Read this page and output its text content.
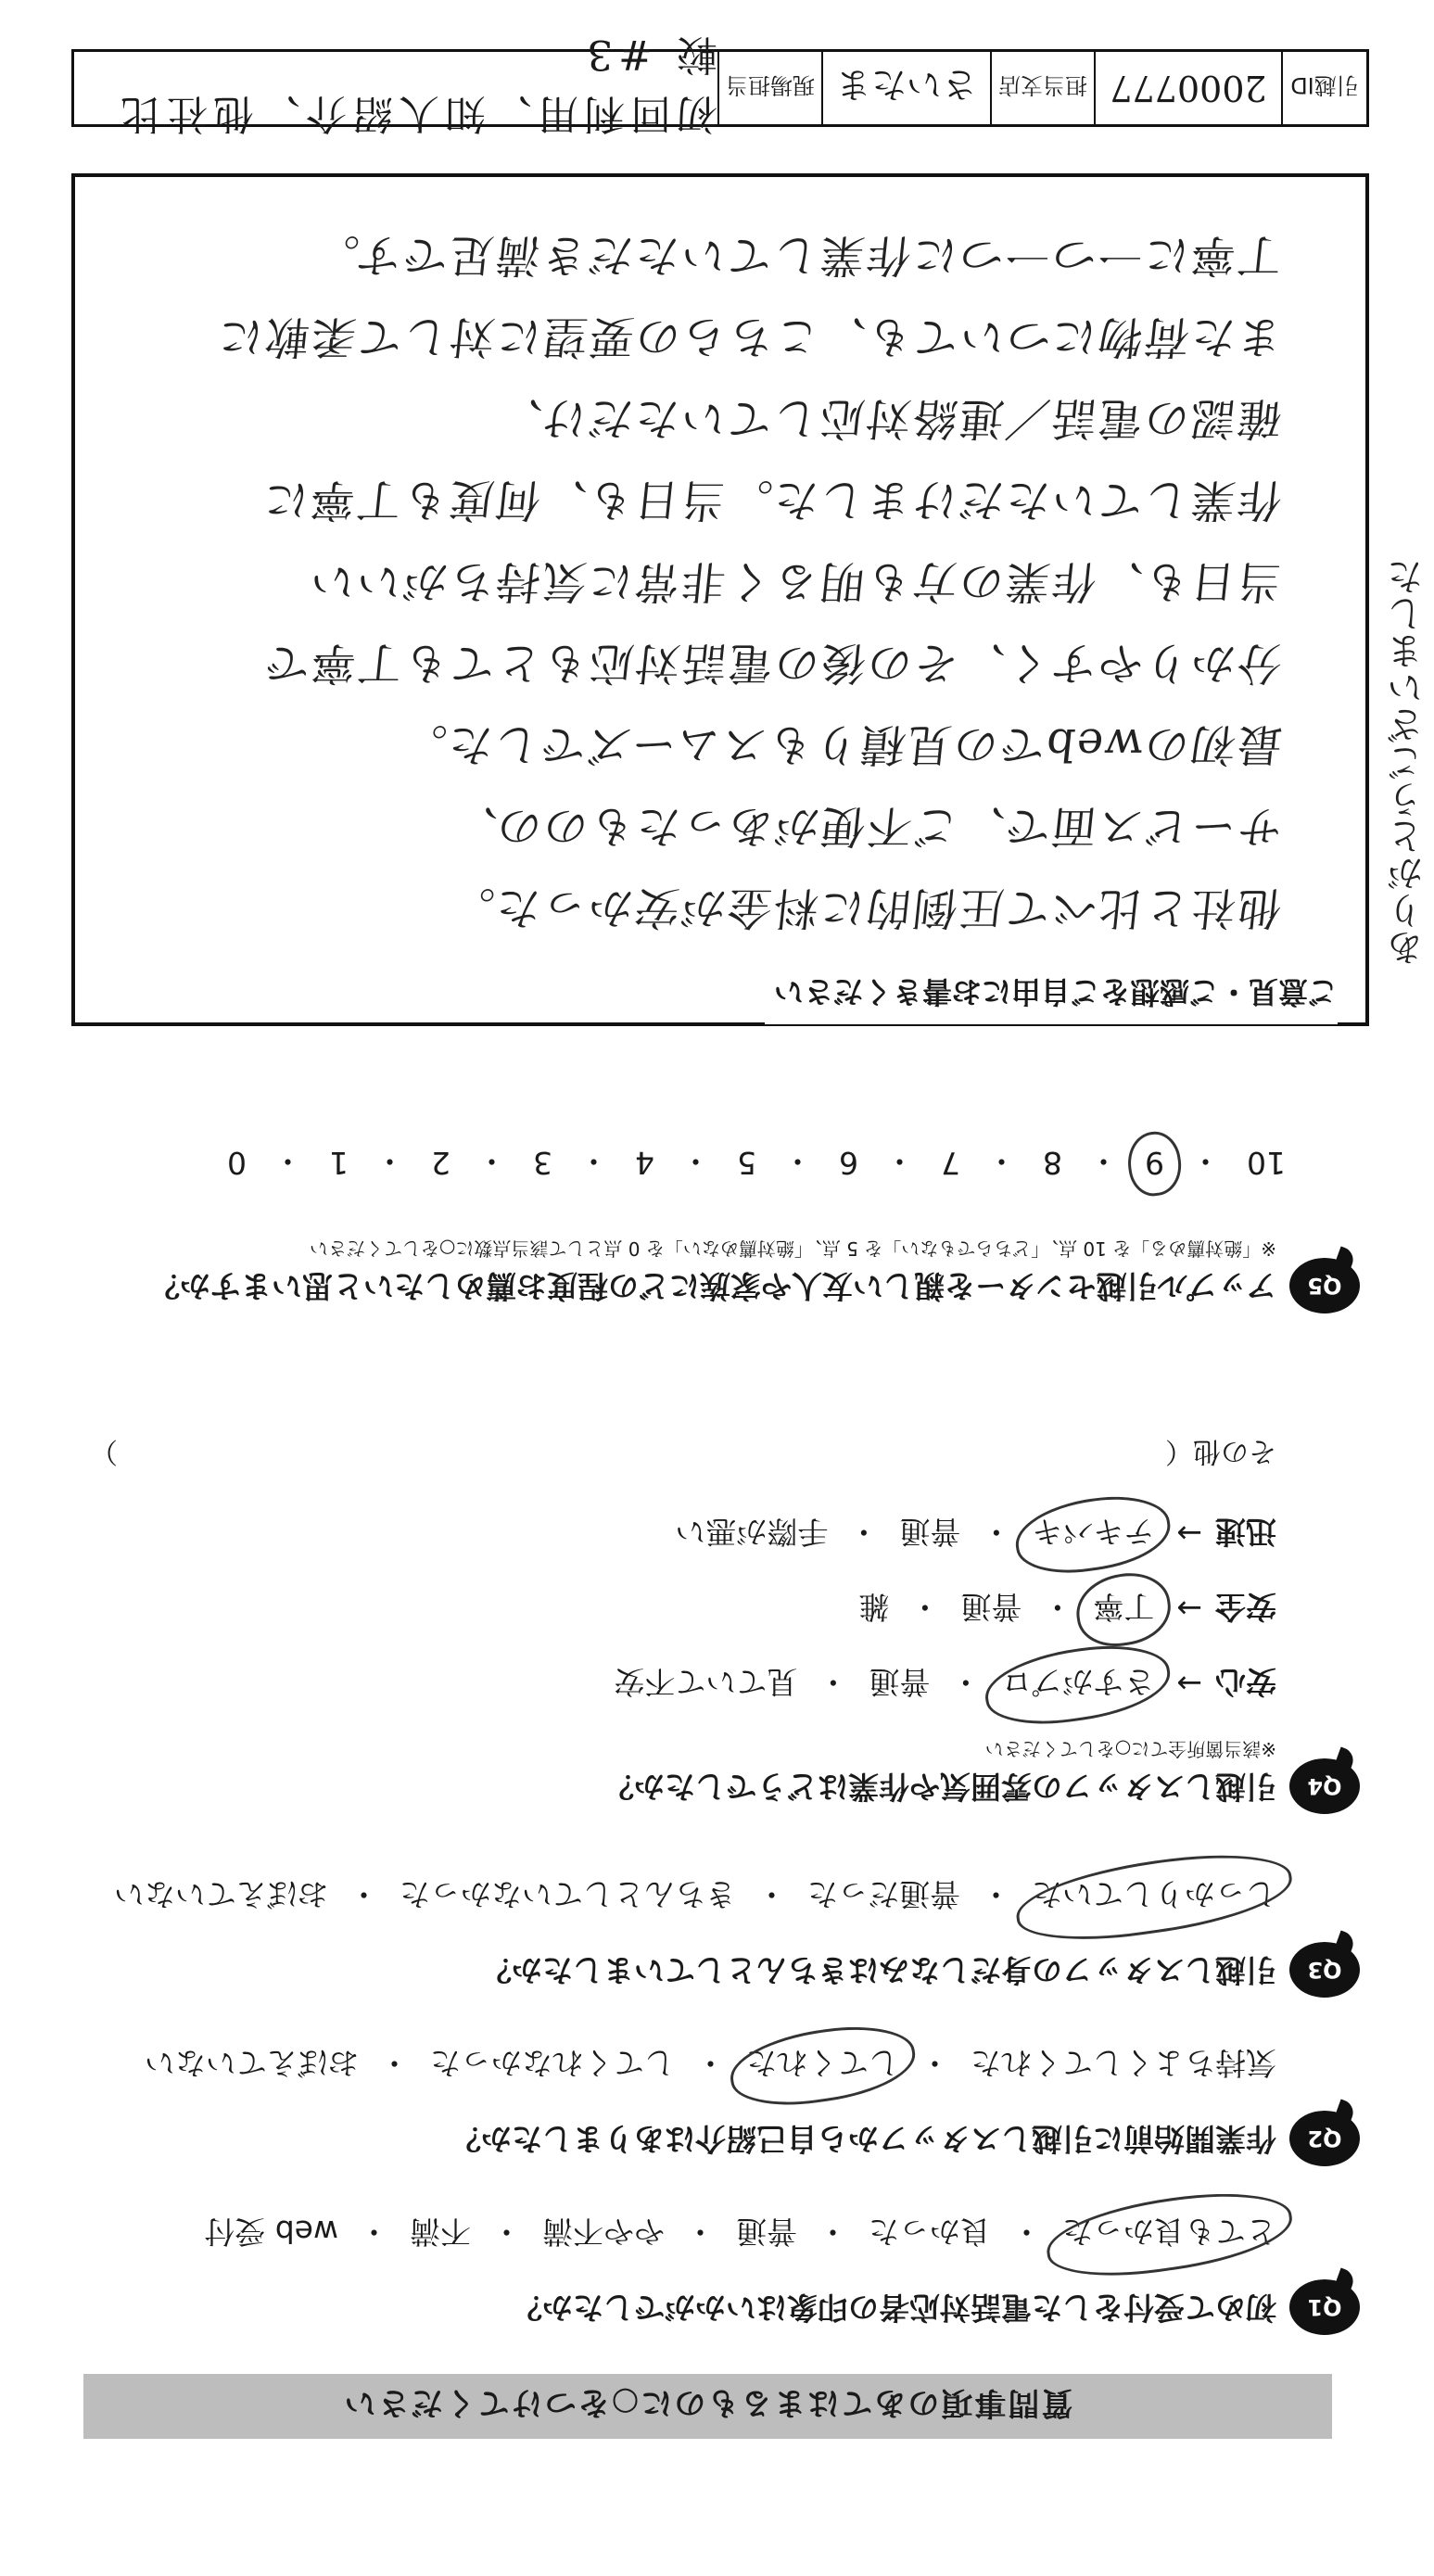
質問事項のあてはまるものに○をつけてください
Q1
初めて受付をした電話対応者の印象はいかがでしたか？
とても良かった
・
良かった
・
普通
・
やや不満
・
不満
・
web 受付
Q2
作業開始前に引越しスタッフから自己紹介はありましたか？
気持ちよくしてくれた
・
してくれた
・
してくれなかった
・
おぼえていない
Q3
引越しスタッフの身だしなみはきちんとしていましたか？
しっかりしていた
・
普通だった
・
きちんとしていなかった
・
おぼえていない
Q4
引越しスタッフの雰囲気や作業はどうでしたか？
※該当箇所全てに○をしてください
安心
→
さすがプロ
・
普通
・
見ていて不安
安全
→
丁寧
・
普通
・
雑
迅速
→
テキパキ
・
普通
・
手際が悪い
その他（
）
Q5
アップル引越センターを親しい友人や家族にどの程度お薦めしたいと思いますか？
※「絶対薦める」を 10 点、「どちらでもない」を 5 点、「絶対薦めない」を 0 点として該当点数に○をしてください
10
・
9
・
8
・
7
・
6
・
5
・
4
・
3
・
2
・
1
・
0
ご意見・ご感想をご自由にお書きください
ありがとうございました
他社と比べて圧倒的に料金が安かった。
サービス面で、ご不便があったものの、
最初のwebでの見積りもスムーズでした。
分かりやすく、その後の電話対応もとても丁寧で
当日も、作業の方も明るく非常に気持ちがいい
作業していただけました。当日も、何度も丁寧に
確認の電話／連絡対応していただけ、
また荷物についても、こちらの要望に対して柔軟に
丁寧に一つ一つに作業していただき満足です。
引越ID
2000777
担当支店
さいたま
現場担当
初回利用、知人紹介、他社比較 #3
